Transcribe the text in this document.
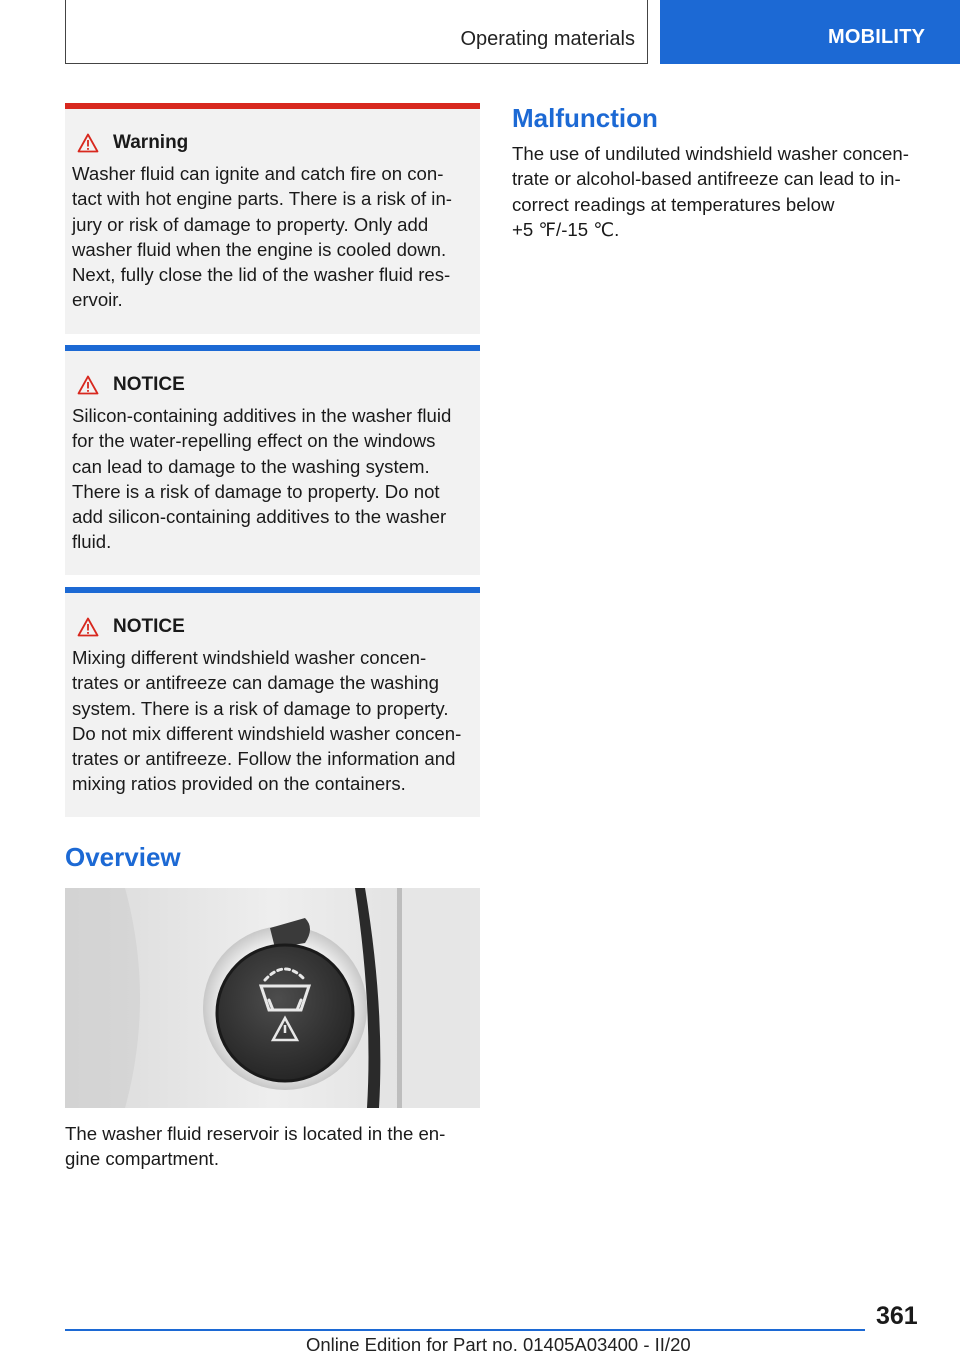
Operating materials	MOBILITY
Warning
Washer fluid can ignite and catch fire on con-
tact with hot engine parts. There is a risk of in-
jury or risk of damage to property. Only add
washer fluid when the engine is cooled down.
Next, fully close the lid of the washer fluid res-
ervoir.
NOTICE
Silicon-containing additives in the washer fluid
for the water-repelling effect on the windows
can lead to damage to the washing system.
There is a risk of damage to property. Do not
add silicon-containing additives to the washer
fluid.
NOTICE
Mixing different windshield washer concen-
trates or antifreeze can damage the washing
system. There is a risk of damage to property.
Do not mix different windshield washer concen-
trates or antifreeze. Follow the information and
mixing ratios provided on the containers.
Overview
The washer fluid reservoir is located in the en-
gine compartment.
Malfunction
The use of undiluted windshield washer concen-
trate or alcohol-based antifreeze can lead to in-
correct readings at temperatures below
+5 ℉/-15 ℃.
361
Online Edition for Part no. 01405A03400 - II/20
